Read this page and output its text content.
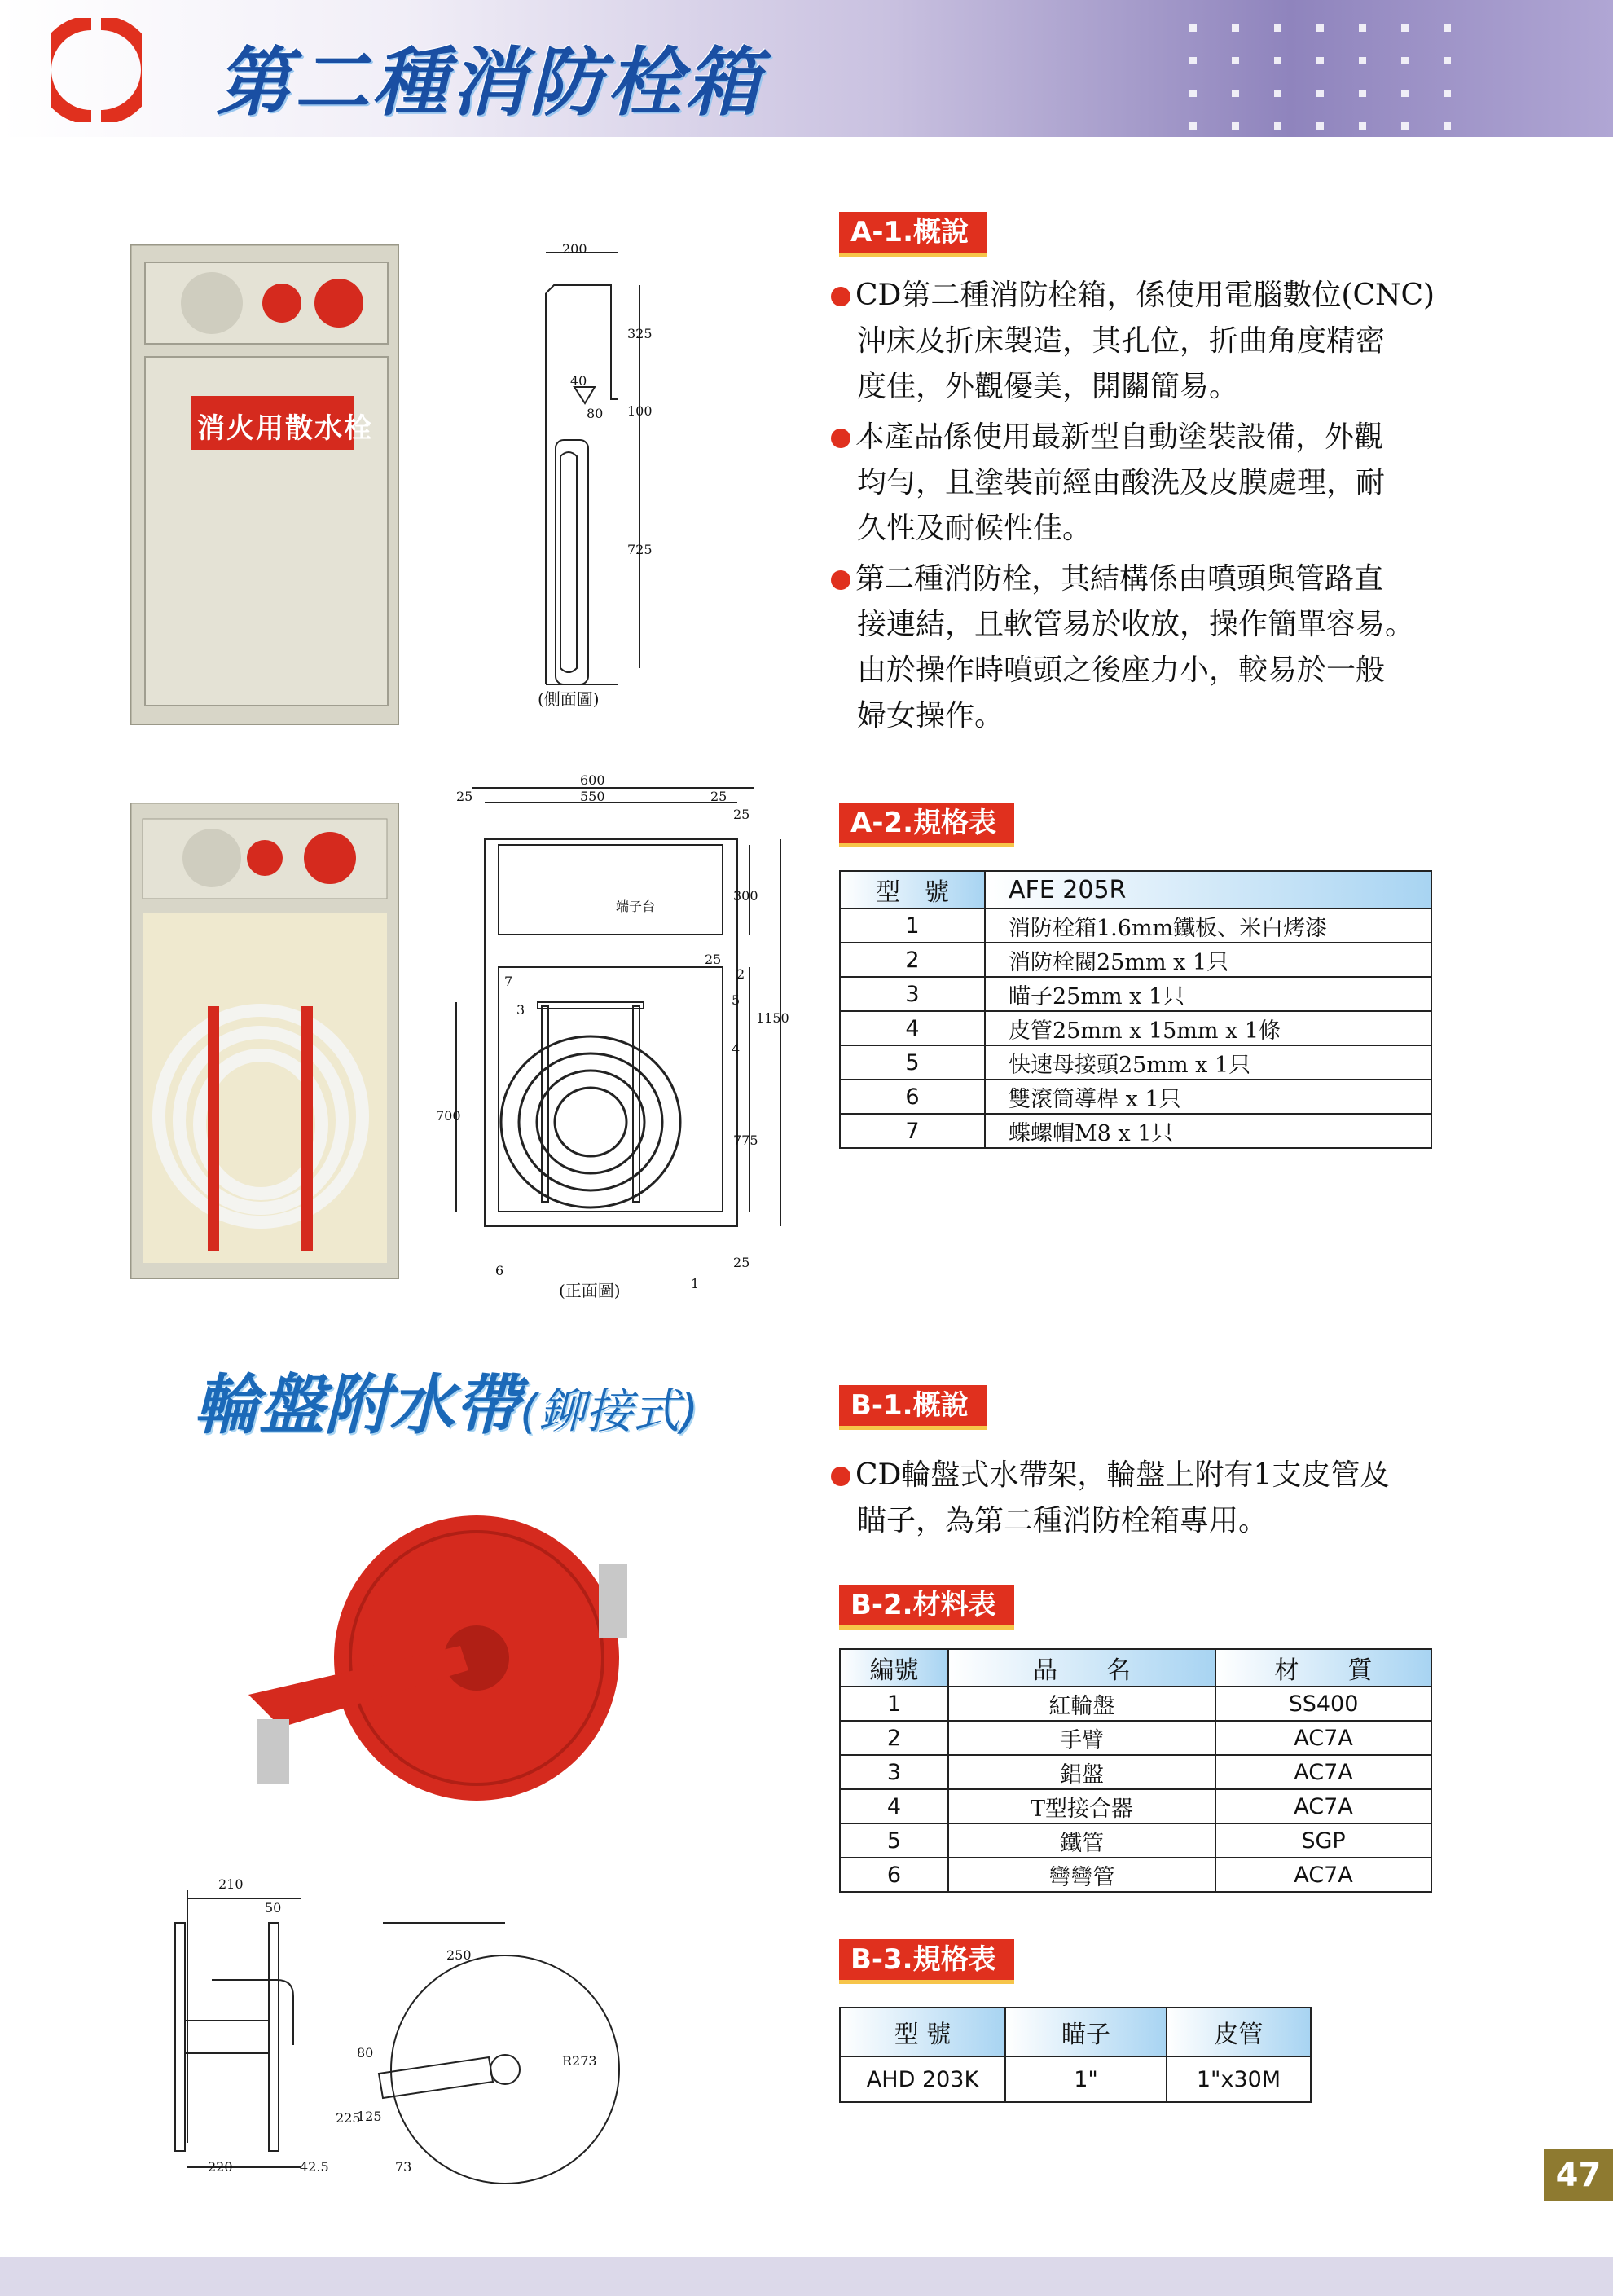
第二種消防栓箱
A-1.概說

CD第二種消防栓箱，係使用電腦數位(CNC)

沖床及折床製造，其孔位，折曲角度精密

度佳，外觀優美，開關簡易。

本產品係使用最新型自動塗裝設備，外觀

均勻，且塗裝前經由酸洗及皮膜處理，耐

久性及耐候性佳。

第二種消防栓，其結構係由噴頭與管路直

接連結，且軟管易於收放，操作簡單容易。

由於操作時噴頭之後座力小，較易於一般

婦女操作。

消火用散水栓
200
325
40
80 100
725
(側面圖)
600
550
25	25
25
300
25
1150
700
775
25
端子台
1
2
3
4
5
6
7
(正面圖)
A-2.規格表
型　號	AFE 205R
1	消防栓箱1.6mm鐵板、米白烤漆
2	消防栓閥25mm x 1只
3	瞄子25mm x 1只
4	皮管25mm x 15mm x 1條
5	快速母接頭25mm x 1只
6	雙滾筒導桿 x 1只
7	蝶螺帽M8 x 1只
輪盤附水帶(鉚接式)	B-1.概說

CD輪盤式水帶架，輪盤上附有1支皮管及

瞄子，為第二種消防栓箱專用。

210
50
220	42.5
250
80
125
225
73
R273
B-2.材料表
編號	品　　名	材　　質
1	紅輪盤	SS400
2	手臂	AC7A
3	鋁盤	AC7A
4	T型接合器	AC7A
5	鐵管	SGP
6	彎彎管	AC7A
B-3.規格表
型 號	瞄子	皮管
AHD 203K	1"	1"x30M
47
